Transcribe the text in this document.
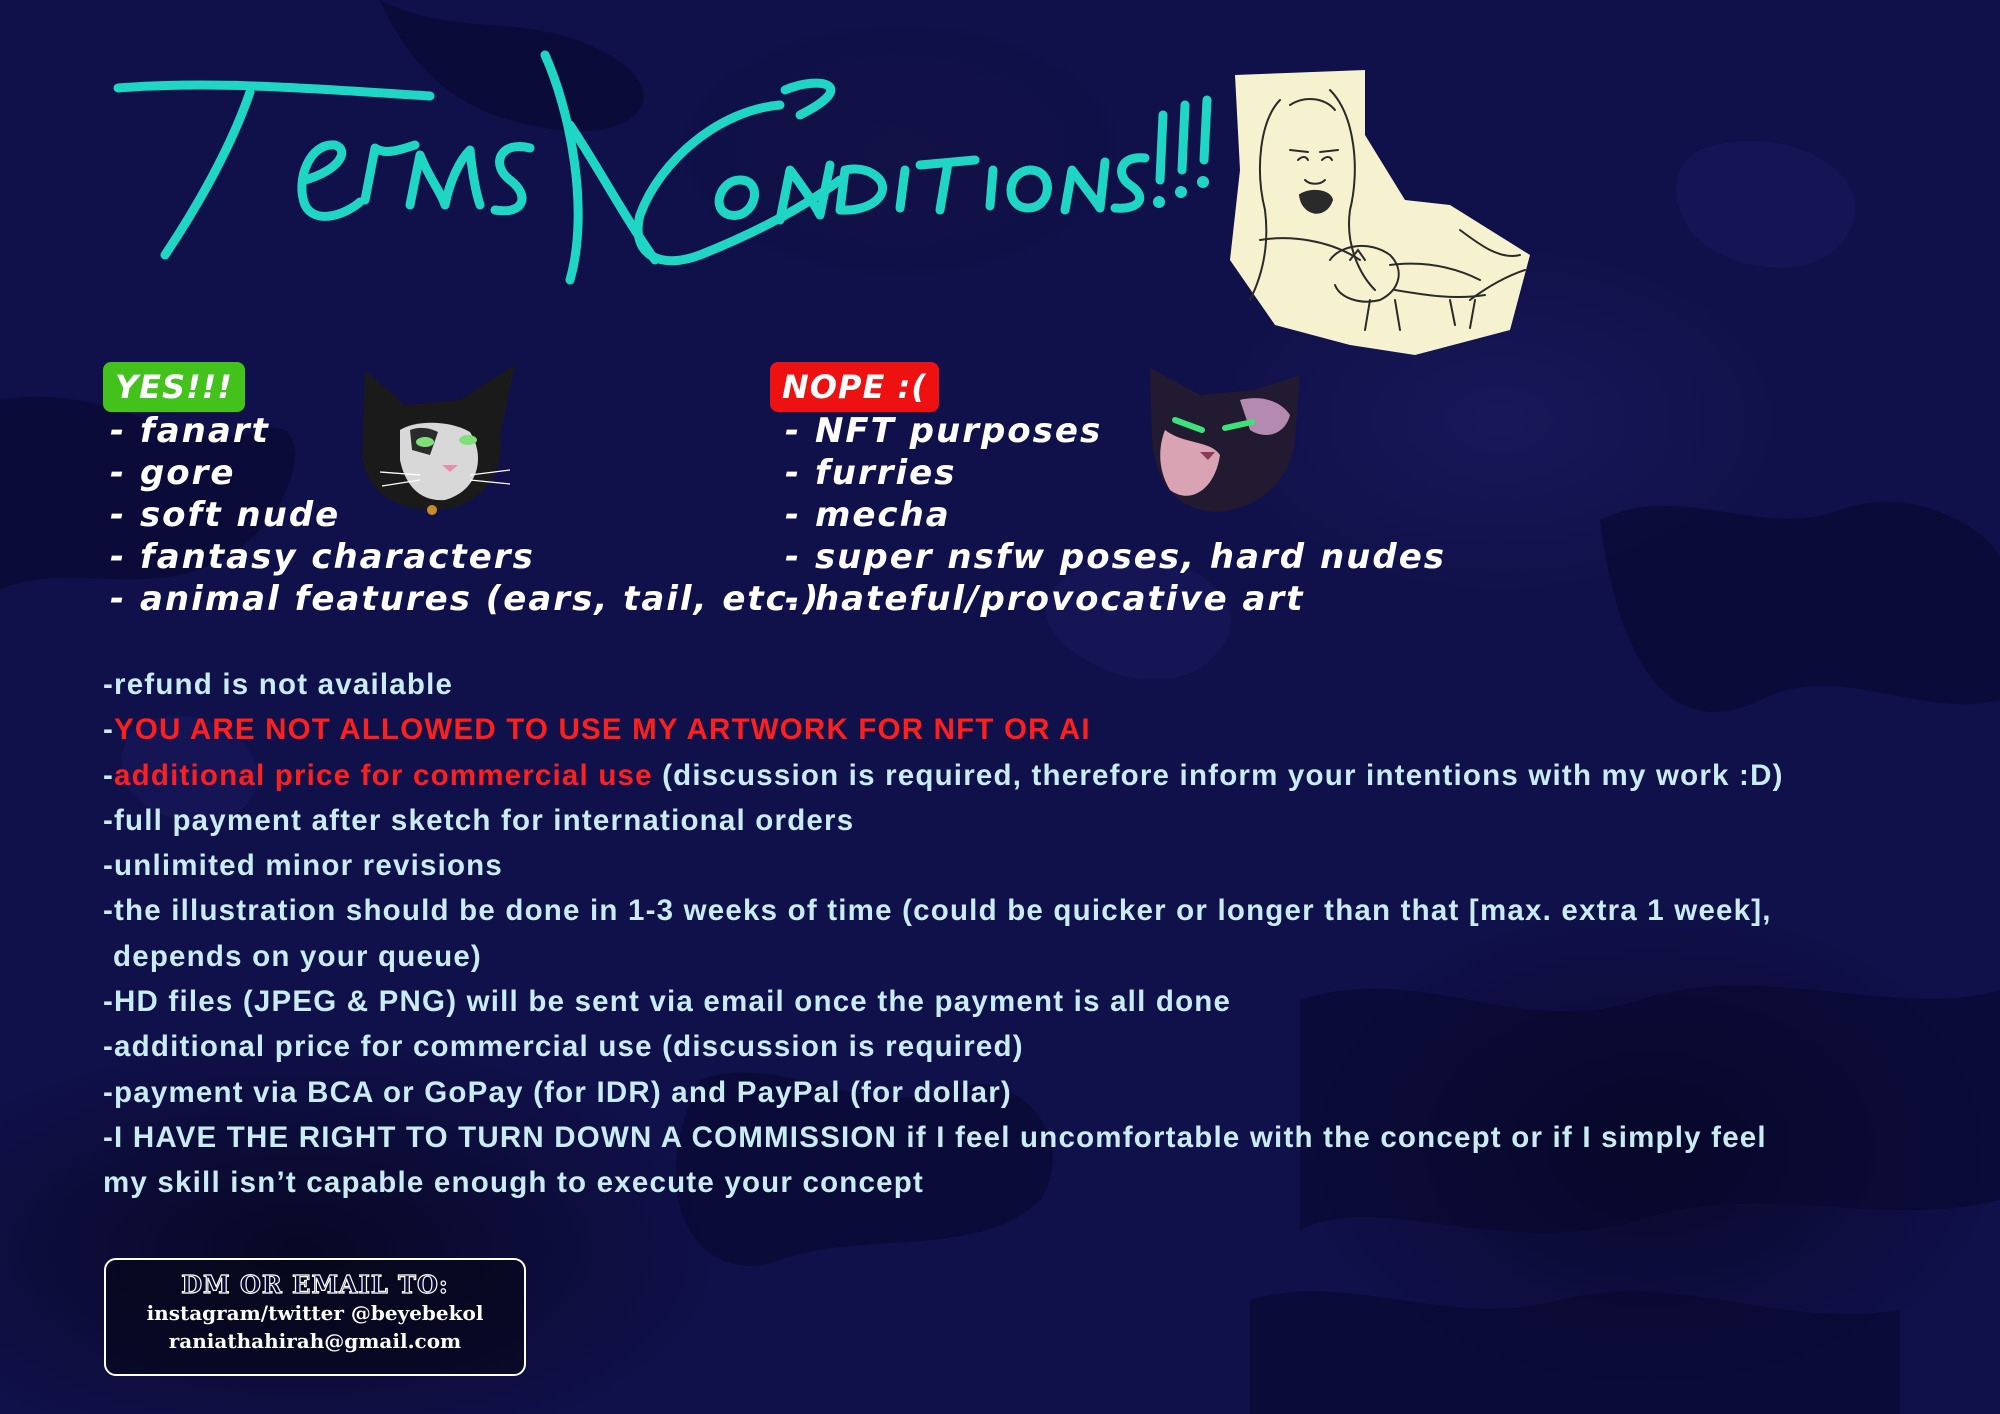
YES!!!
- fanart
- gore
- soft nude
- fantasy characters
- animal features (ears, tail, etc.)
NOPE :(
- NFT purposes
- furries
- mecha
- super nsfw poses, hard nudes
- hateful/provocative art
-refund is not available
-YOU ARE NOT ALLOWED TO USE MY ARTWORK FOR NFT OR AI
-additional price for commercial use (discussion is required, therefore inform your intentions with my work :D)
-full payment after sketch for international orders
-unlimited minor revisions
-the illustration should be done in 1-3 weeks of time (could be quicker or longer than that [max. extra 1 week],
depends on your queue)
-HD files (JPEG & PNG) will be sent via email once the payment is all done
-additional price for commercial use (discussion is required)
-payment via BCA or GoPay (for IDR) and PayPal (for dollar)
-I HAVE THE RIGHT TO TURN DOWN A COMMISSION if I feel uncomfortable with the concept or if I simply feel
my skill isn’t capable enough to execute your concept
DM OR EMAIL TO:
instagram/twitter @beyebekol
raniathahirah@gmail.com
